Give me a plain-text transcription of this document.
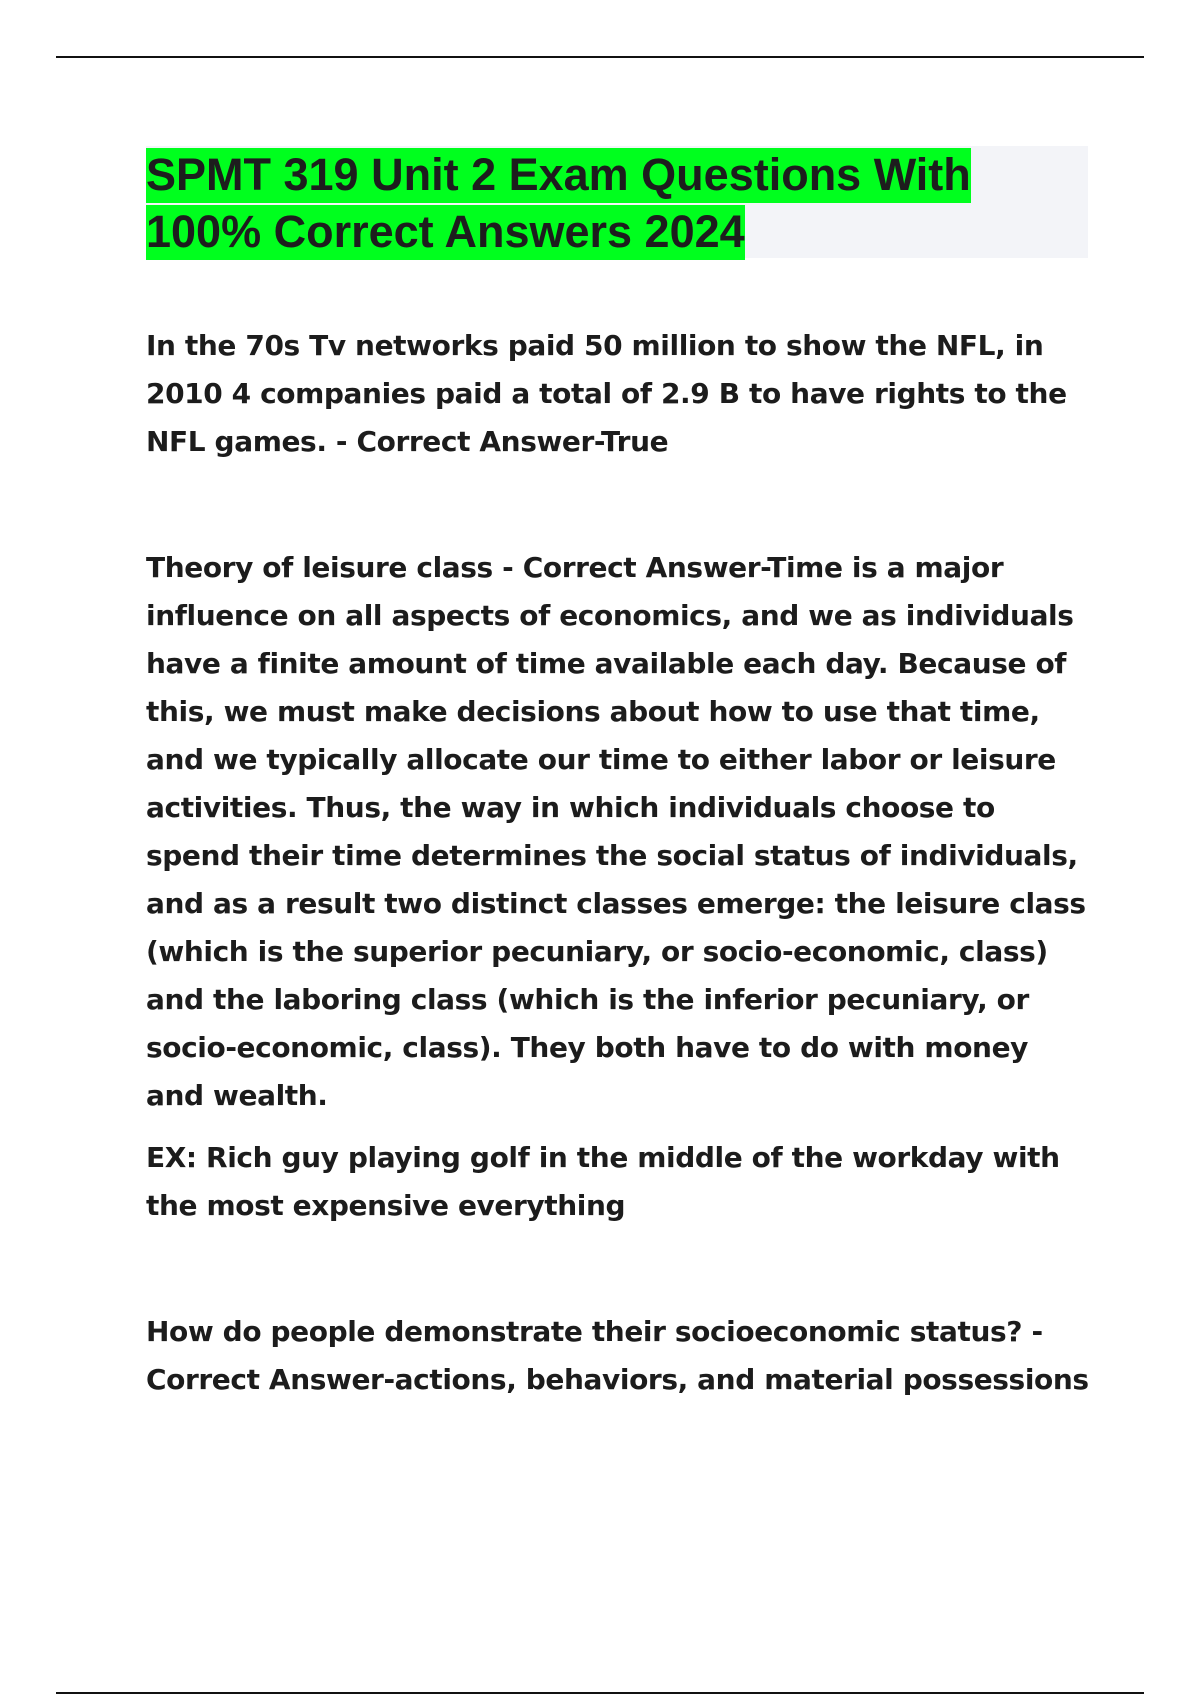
SPMT 319 Unit 2 Exam Questions With 100% Correct Answers 2024

In the 70s Tv networks paid 50 million to show the NFL, in 2010 4 companies paid a total of 2.9 B to have rights to the NFL games. - Correct Answer-True

Theory of leisure class - Correct Answer-Time is a major influence on all aspects of economics, and we as individuals have a finite amount of time available each day. Because of this, we must make decisions about how to use that time, and we typically allocate our time to either labor or leisure activities. Thus, the way in which individuals choose to spend their time determines the social status of individuals, and as a result two distinct classes emerge: the leisure class (which is the superior pecuniary, or socio-economic, class) and the laboring class (which is the inferior pecuniary, or socio-economic, class). They both have to do with money and wealth.

EX: Rich guy playing golf in the middle of the workday with the most expensive everything

How do people demonstrate their socioeconomic status? - Correct Answer-actions, behaviors, and material possessions
